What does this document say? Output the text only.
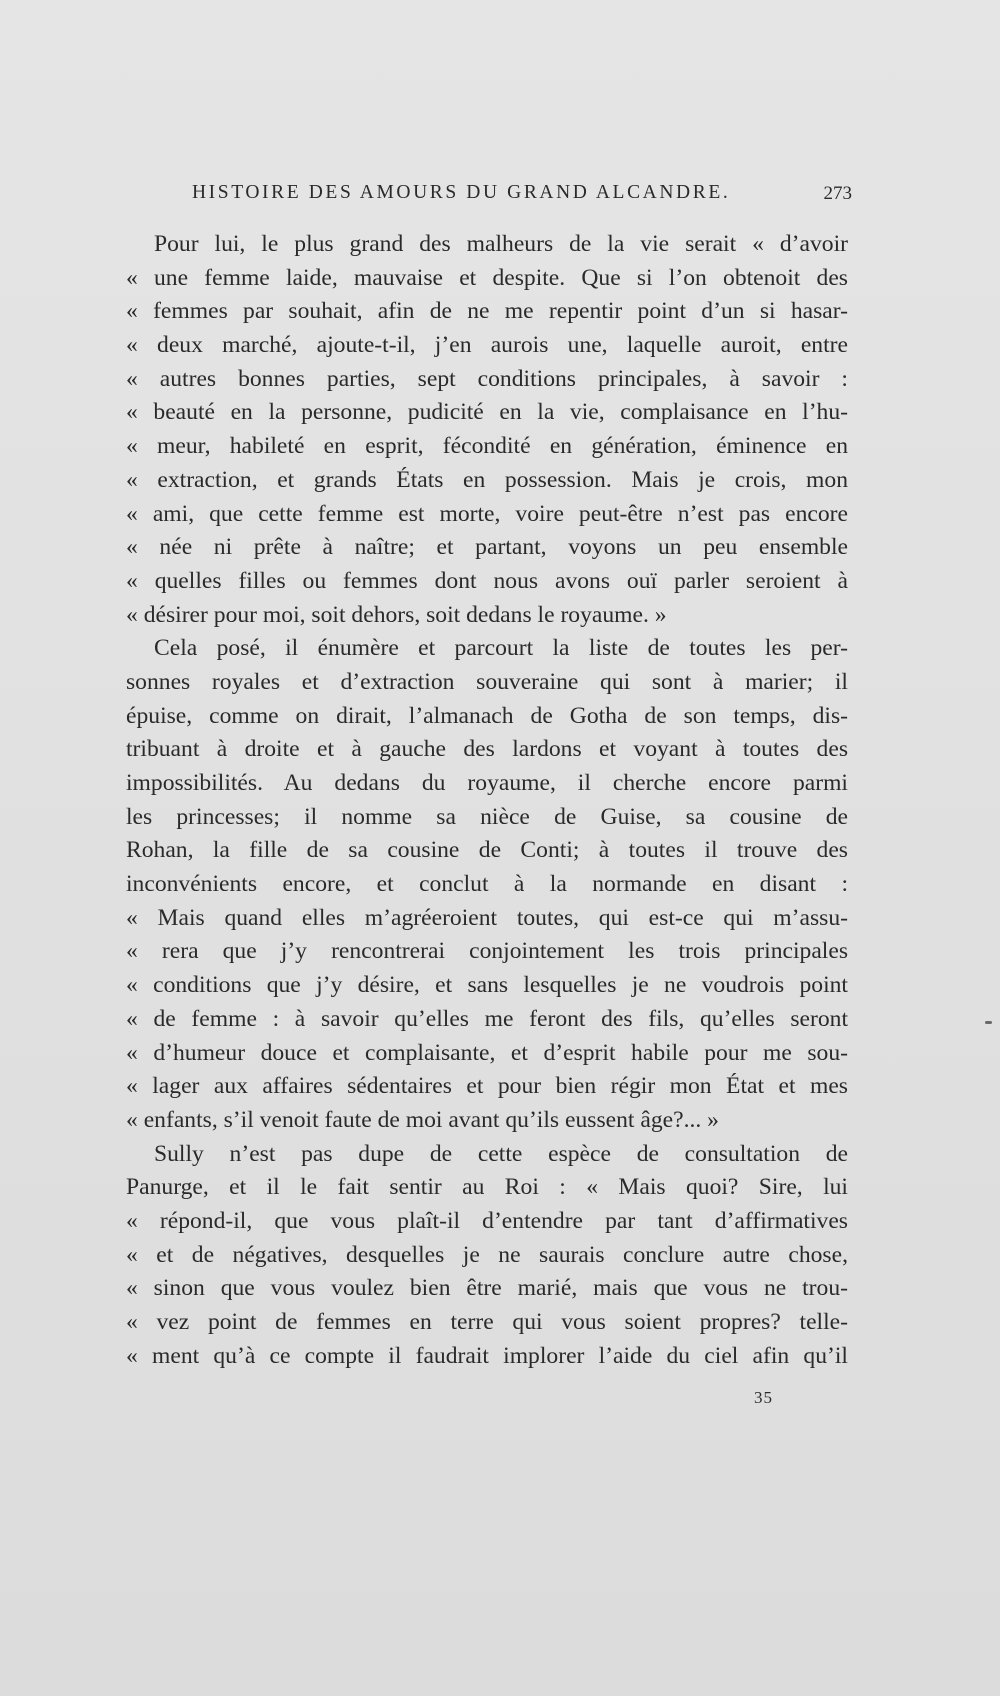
HISTOIRE DES AMOURS DU GRAND ALCANDRE.	273
Pour lui, le plus grand des malheurs de la vie serait « d’avoir
« une femme laide, mauvaise et despite. Que si l’on obtenoit des
« femmes par souhait, afin de ne me repentir point d’un si hasar-
« deux marché, ajoute-t-il, j’en aurois une, laquelle auroit, entre
« autres bonnes parties, sept conditions principales, à savoir :
« beauté en la personne, pudicité en la vie, complaisance en l’hu-
« meur, habileté en esprit, fécondité en génération, éminence en
« extraction, et grands États en possession. Mais je crois, mon
« ami, que cette femme est morte, voire peut-être n’est pas encore
« née ni prête à naître; et partant, voyons un peu ensemble
« quelles filles ou femmes dont nous avons ouï parler seroient à
« désirer pour moi, soit dehors, soit dedans le royaume. »
Cela posé, il énumère et parcourt la liste de toutes les per-
sonnes royales et d’extraction souveraine qui sont à marier; il
épuise, comme on dirait, l’almanach de Gotha de son temps, dis-
tribuant à droite et à gauche des lardons et voyant à toutes des
impossibilités. Au dedans du royaume, il cherche encore parmi
les princesses; il nomme sa nièce de Guise, sa cousine de
Rohan, la fille de sa cousine de Conti; à toutes il trouve des
inconvénients encore, et conclut à la normande en disant :
« Mais quand elles m’agréeroient toutes, qui est-ce qui m’assu-
« rera que j’y rencontrerai conjointement les trois principales
« conditions que j’y désire, et sans lesquelles je ne voudrois point
« de femme : à savoir qu’elles me feront des fils, qu’elles seront
« d’humeur douce et complaisante, et d’esprit habile pour me sou-
« lager aux affaires sédentaires et pour bien régir mon État et mes
« enfants, s’il venoit faute de moi avant qu’ils eussent âge?... »
Sully n’est pas dupe de cette espèce de consultation de
Panurge, et il le fait sentir au Roi : « Mais quoi? Sire, lui
« répond-il, que vous plaît-il d’entendre par tant d’affirmatives
« et de négatives, desquelles je ne saurais conclure autre chose,
« sinon que vous voulez bien être marié, mais que vous ne trou-
« vez point de femmes en terre qui vous soient propres? telle-
« ment qu’à ce compte il faudrait implorer l’aide du ciel afin qu’il
35
